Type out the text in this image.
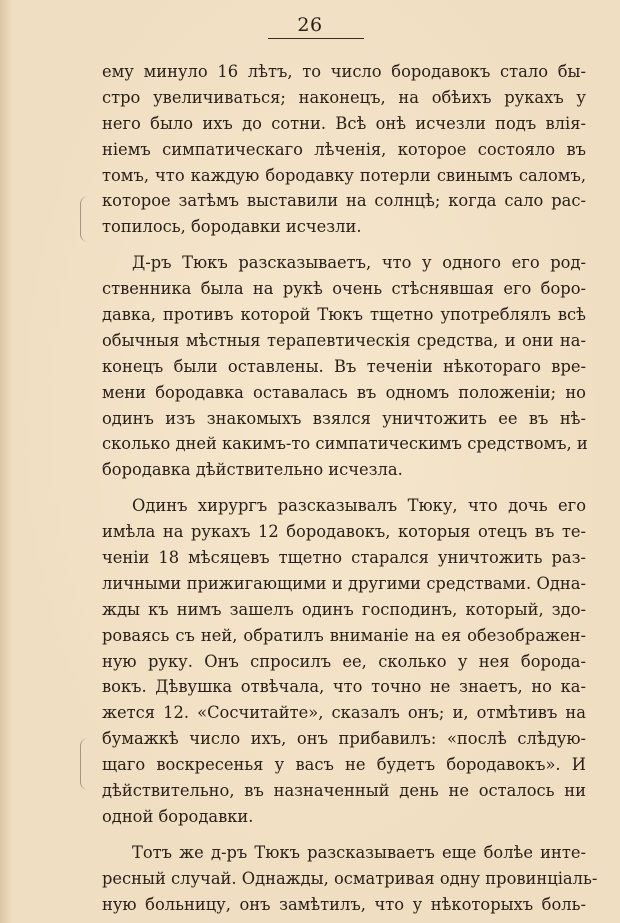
26
ему минуло 16 лѣтъ, то число бородавокъ стало бы-
стро увеличиваться; наконецъ, на обѣихъ рукахъ у
него было ихъ до сотни. Всѣ онѣ исчезли подъ влія-
ніемъ симпатическаго лѣченія, которое состояло въ
томъ, что каждую бородавку потерли свинымъ саломъ,
которое затѣмъ выставили на солнцѣ; когда сало рас-
топилось, бородавки исчезли.
Д-ръ Тюкъ разсказываетъ, что у одного его род-
ственника была на рукѣ очень стѣснявшая его боро-
давка, противъ которой Тюкъ тщетно употреблялъ всѣ
обычныя мѣстныя терапевтическія средства, и они на-
конецъ были оставлены. Въ теченіи нѣкотораго вре-
мени бородавка оставалась въ одномъ положеніи; но
одинъ изъ знакомыхъ взялся уничтожить ее въ нѣ-
сколько дней какимъ-то симпатическимъ средствомъ, и
бородавка дѣйствительно исчезла.
Одинъ хирургъ разсказывалъ Тюку, что дочь его
имѣла на рукахъ 12 бородавокъ, которыя отецъ въ те-
ченіи 18 мѣсяцевъ тщетно старался уничтожить раз-
личными прижигающими и другими средствами. Однa-
жды къ нимъ зашелъ одинъ господинъ, который, здо-
роваясь съ ней, обратилъ вниманіе на ея обезображен-
ную руку. Онъ спросилъ ее, сколько у нея борода-
вокъ. Дѣвушка отвѣчала, что точно не знаетъ, но ка-
жется 12. «Сосчитайте», сказалъ онъ; и, отмѣтивъ на
бумажкѣ число ихъ, онъ прибавилъ: «послѣ слѣдую-
щаго воскресенья у васъ не будетъ бородавокъ». И
дѣйствительно, въ назначенный день не осталось ни
одной бородавки.
Тотъ же д-ръ Тюкъ разсказываетъ еще болѣе инте-
ресный случай. Однажды, осматривая одну провинціаль-
ную больницу, онъ замѣтилъ, что у нѣкоторыхъ боль-
